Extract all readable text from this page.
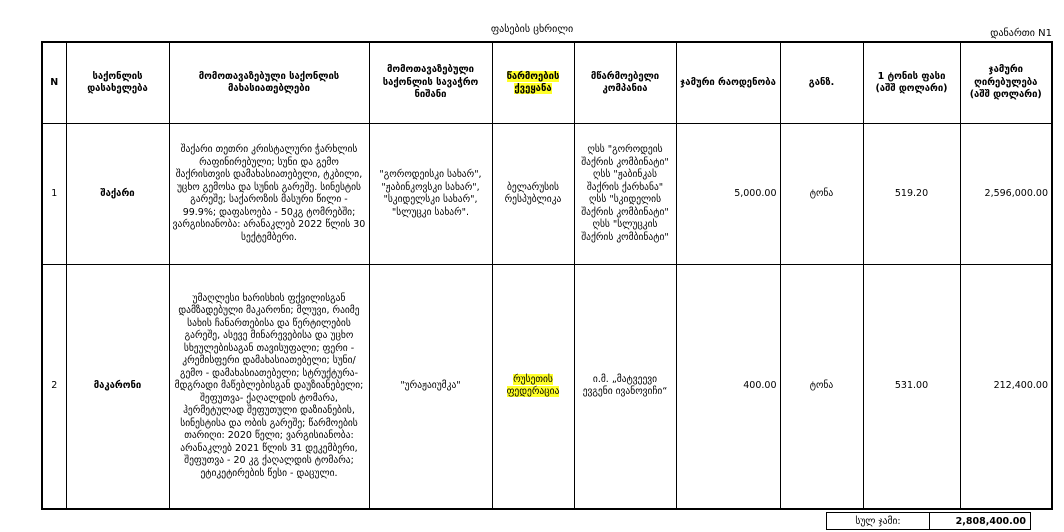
ფასების ცხრილი	დანართი N1
N	საქონლის დასახელება	მომოთავაზებული საქონლის მახასიათებლები	მომოთავაზებული საქონლის სავაჭრო ნიშანი	წარმოების ქვეყანა	მწარმოებელი კომპანია	ჯამური რაოდენობა	განზ.	1 ტონის ფასი (აშშ დოლარი)	ჯამური ღირებულება (აშშ დოლარი)
1	შაქარი	შაქარი თეთრი კრისტალური ჭარხლის რაფინირებული; სუნი და გემო შაქრისთვის დამახასიათებელი, ტკბილი, უცხო გემოსა და სუნის გარეშე. სინესტის გარეშე; საქაროზის მასური წილი - 99.9%; დაფასოება - 50კგ ტომრებში; ვარგისიანობა: არანაკლებ 2022 წლის 30 სექტემბერი.	"გოროდეისკი სახარ", "ჟაბინკოვსკი სახარ", "სკიდელსკი სახარ", "სლუცკი სახარ".	ბელარუსის რესპუბლიკა	ღსს "გოროდეის შაქრის კომბინატი" ღსს "ჟაბინკას შაქრის ქარხანა" ღსს "სკიდელის შაქრის კომბინატი" ღსს "სლუცკის შაქრის კომბინატი"	5,000.00	ტონა	519.20	2,596,000.00
2	მაკარონი	უმაღლესი ხარისხის ფქვილისგან დამზადებული მაკარონი; მლუვი, რაიმე სახის ჩანართებისა და წერტილების გარეშე, ასევე მინარევებისა და უცხო სხეულებისაგან თავისუფალი; ფერი - კრემისფერი დამახასიათებელი; სუნი/გემო - დამახასიათებელი; სტრუქტურა- მდგრადი მაწებლებისგან დაუზიანებელი; შეფუთვა- ქაღალდის ტომარა, ჰერმეტულად შეფუთული დაზიანების, სინესტისა და ობის გარეშე; წარმოების თარიღი: 2020 წელი; ვარგისიანობა: არანაკლებ 2021 წლის 31 დეკემბერი, შეფუთვა - 20 კგ ქაღალდის ტომარა; ეტიკეტირების წესი - დაცული.	"ურაჟაიუმკა"	რუსეთის ფედერაცია	ი.მ. „მატვეევი ევგენი ივანოვიჩი“	400.00	ტონა	531.00	212,400.00
სულ ჯამი:	2,808,400.00
